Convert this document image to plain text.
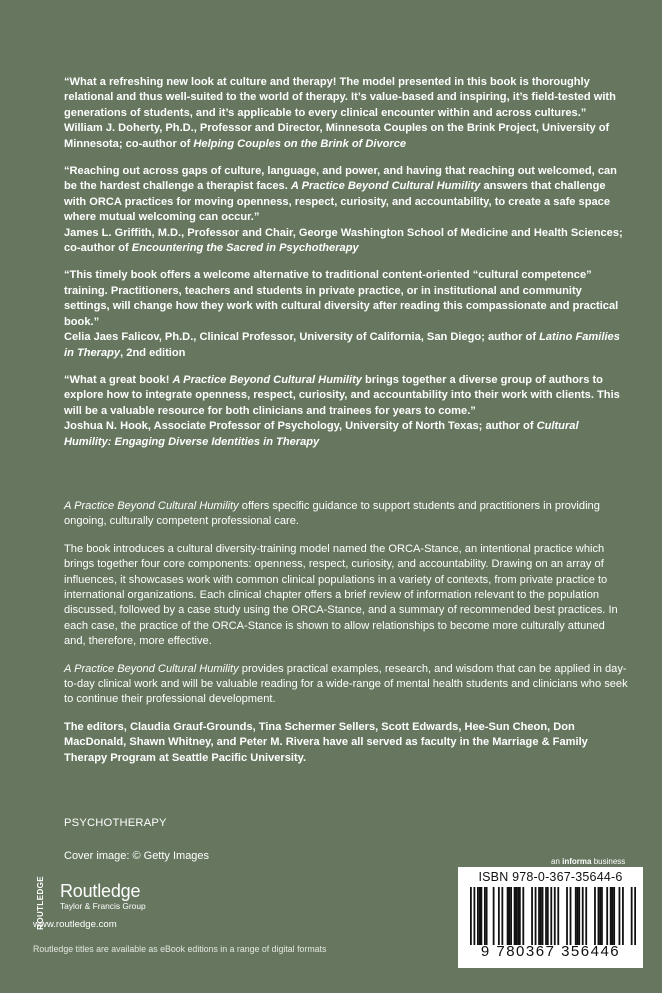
“What a refreshing new look at culture and therapy! The model presented in this book is thoroughly relational and thus well-suited to the world of therapy. It’s value-based and inspiring, it’s field-tested with generations of students, and it’s applicable to every clinical encounter within and across cultures.”

William J. Doherty, Ph.D., Professor and Director, Minnesota Couples on the Brink Project, University of Minnesota; co-author of Helping Couples on the Brink of Divorce

“Reaching out across gaps of culture, language, and power, and having that reaching out welcomed, can be the hardest challenge a therapist faces. A Practice Beyond Cultural Humility answers that challenge with ORCA practices for moving openness, respect, curiosity, and accountability, to create a safe space where mutual welcoming can occur.”

James L. Griffith, M.D., Professor and Chair, George Washington School of Medicine and Health Sciences; co-author of Encountering the Sacred in Psychotherapy

“This timely book offers a welcome alternative to traditional content-oriented “cultural competence” training. Practitioners, teachers and students in private practice, or in institutional and community settings, will change how they work with cultural diversity after reading this compassionate and practical book.”

Celia Jaes Falicov, Ph.D., Clinical Professor, University of California, San Diego; author of Latino Families in Therapy, 2nd edition

“What a great book! A Practice Beyond Cultural Humility brings together a diverse group of authors to explore how to integrate openness, respect, curiosity, and accountability into their work with clients. This will be a valuable resource for both clinicians and trainees for years to come.”

Joshua N. Hook, Associate Professor of Psychology, University of North Texas; author of Cultural Humility: Engaging Diverse Identities in Therapy

A Practice Beyond Cultural Humility offers specific guidance to support students and practitioners in providing ongoing, culturally competent professional care.

The book introduces a cultural diversity-training model named the ORCA-Stance, an intentional practice which brings together four core components: openness, respect, curiosity, and accountability. Drawing on an array of influences, it showcases work with common clinical populations in a variety of contexts, from private practice to international organizations. Each clinical chapter offers a brief review of information relevant to the population discussed, followed by a case study using the ORCA-Stance, and a summary of recommended best practices. In each case, the practice of the ORCA-Stance is shown to allow relationships to become more culturally attuned and, therefore, more effective.

A Practice Beyond Cultural Humility provides practical examples, research, and wisdom that can be applied in day-to-day clinical work and will be valuable reading for a wide-range of mental health students and clinicians who seek to continue their professional development.

The editors, Claudia Grauf-Grounds, Tina Schermer Sellers, Scott Edwards, Hee-Sun Cheon, Don MacDonald, Shawn Whitney, and Peter M. Rivera have all served as faculty in the Marriage & Family Therapy Program at Seattle Pacific University.

PSYCHOTHERAPY
Cover image: © Getty Images
ROUTLEDGE Routledge
Taylor & Francis Group
www.routledge.com
Routledge titles are available as eBook editions in a range of digital formats
an informa business
ISBN 978-0-367-35644-6
9 780367 356446
